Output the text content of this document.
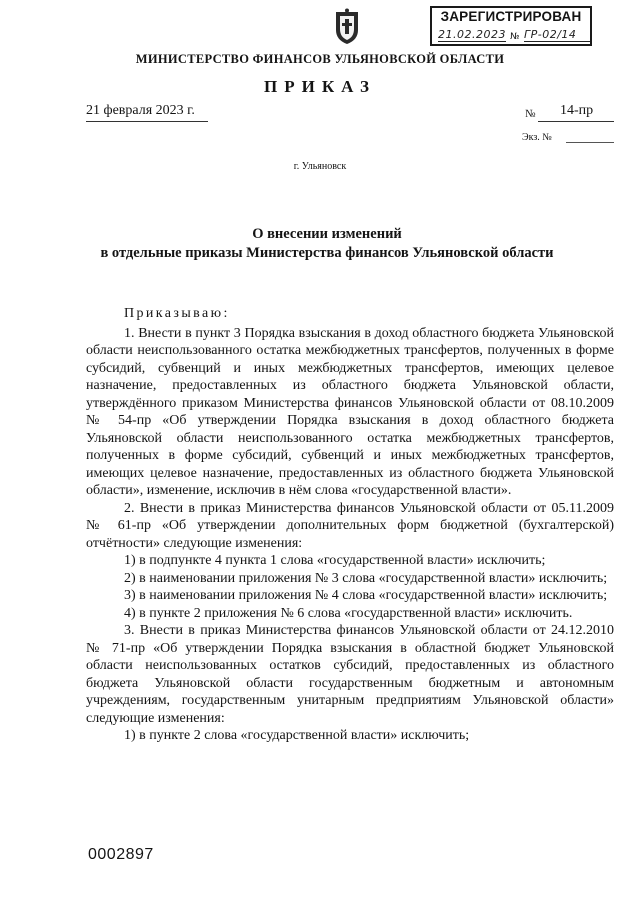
ЗАРЕГИСТРИРОВАН
21.02.2023 № ГР-02/14
МИНИСТЕРСТВО ФИНАНСОВ УЛЬЯНОВСКОЙ ОБЛАСТИ
ПРИКАЗ
21 февраля 2023 г.	№ 14-пр
Экз. №
г. Ульяновск
О внесении изменений
в отдельные приказы Министерства финансов Ульяновской области

Приказываю:

1. Внести в пункт 3 Порядка взыскания в доход областного бюджета Ульяновской области неиспользованного остатка межбюджетных трансфертов, полученных в форме субсидий, субвенций и иных межбюджетных трансфертов, имеющих целевое назначение, предоставленных из областного бюджета Ульяновской области, утверждённого приказом Министерства финансов Ульяновской области от 08.10.2009 № 54-пр «Об утверждении Порядка взыскания в доход областного бюджета Ульяновской области неиспользованного остатка межбюджетных трансфертов, полученных в форме субсидий, субвенций и иных межбюджетных трансфертов, имеющих целевое назначение, предоставленных из областного бюджета Ульяновской области», изменение, исключив в нём слова «государственной власти».

2. Внести в приказ Министерства финансов Ульяновской области от 05.11.2009 № 61-пр «Об утверждении дополнительных форм бюджетной (бухгалтерской) отчётности» следующие изменения:

1) в подпункте 4 пункта 1 слова «государственной власти» исключить;

2) в наименовании приложения № 3 слова «государственной власти» исключить;

3) в наименовании приложения № 4 слова «государственной власти» исключить;

4) в пункте 2 приложения № 6 слова «государственной власти» исключить.

3. Внести в приказ Министерства финансов Ульяновской области от 24.12.2010 № 71-пр «Об утверждении Порядка взыскания в областной бюджет Ульяновской области неиспользованных остатков субсидий, предоставленных из областного бюджета Ульяновской области государственным бюджетным и автономным учреждениям, государственным унитарным предприятиям Ульяновской области» следующие изменения:

1) в пункте 2 слова «государственной власти» исключить;

0002897
